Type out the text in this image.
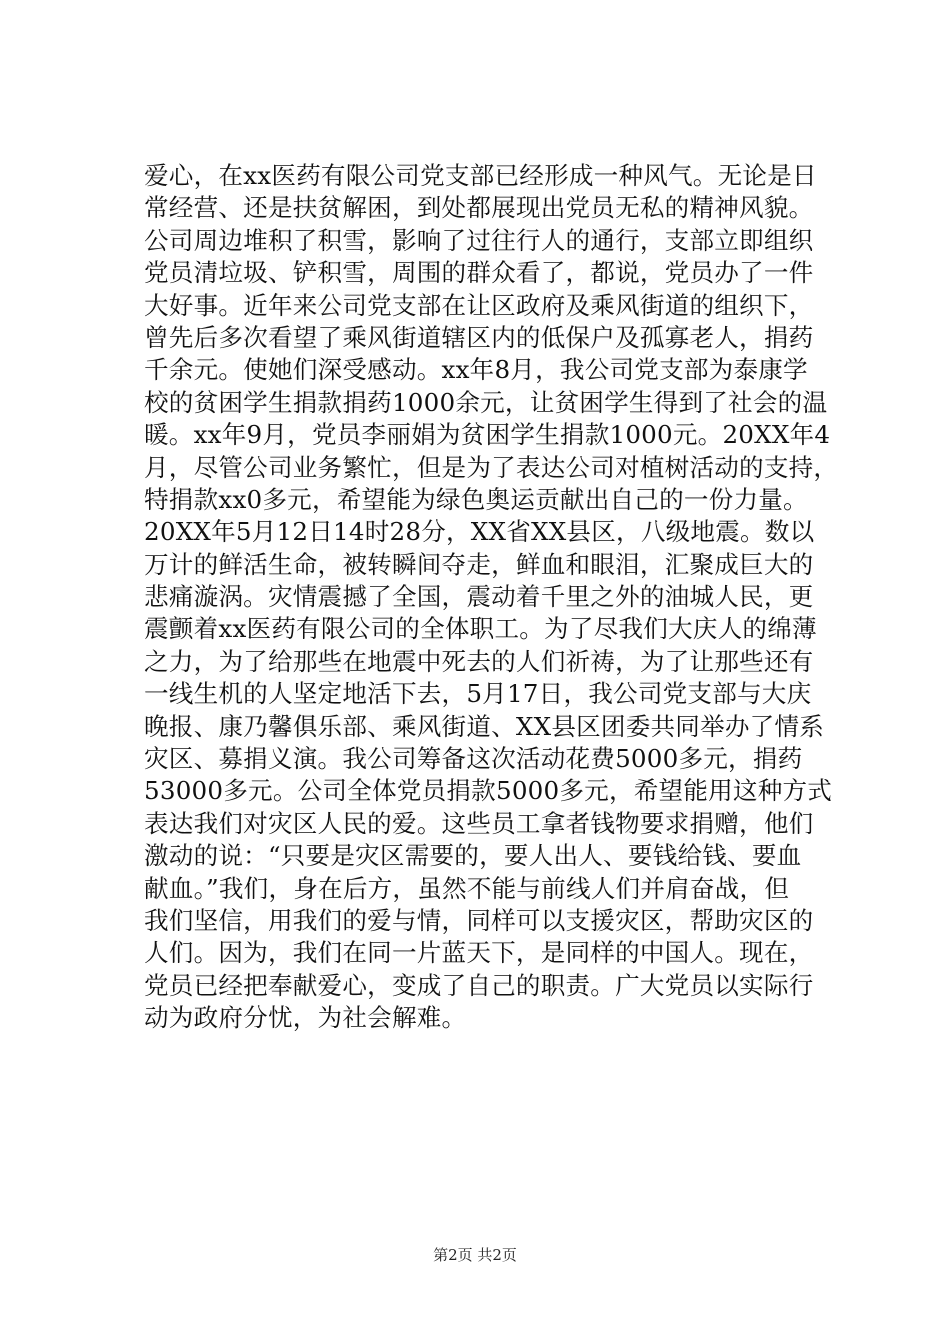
爱心，在xx医药有限公司党支部已经形成一种风气。无论是日
常经营、还是扶贫解困，到处都展现出党员无私的精神风貌。
公司周边堆积了积雪，影响了过往行人的通行，支部立即组织
党员清垃圾、铲积雪，周围的群众看了，都说，党员办了一件
大好事。近年来公司党支部在让区政府及乘风街道的组织下，
曾先后多次看望了乘风街道辖区内的低保户及孤寡老人，捐药
千余元。使她们深受感动。xx年8月，我公司党支部为泰康学
校的贫困学生捐款捐药1000余元，让贫困学生得到了社会的温
暖。xx年9月，党员李丽娟为贫困学生捐款1000元。20XX年4
月，尽管公司业务繁忙，但是为了表达公司对植树活动的支持，
特捐款xx0多元，希望能为绿色奥运贡献出自己的一份力量。
20XX年5月12日14时28分，XX省XX县区，八级地震。数以
万计的鲜活生命，被转瞬间夺走，鲜血和眼泪，汇聚成巨大的
悲痛漩涡。灾情震撼了全国，震动着千里之外的油城人民，更
震颤着xx医药有限公司的全体职工。为了尽我们大庆人的绵薄
之力，为了给那些在地震中死去的人们祈祷，为了让那些还有
一线生机的人坚定地活下去，5月17日，我公司党支部与大庆
晚报、康乃馨俱乐部、乘风街道、XX县区团委共同举办了情系
灾区、募捐义演。我公司筹备这次活动花费5000多元，捐药
53000多元。公司全体党员捐款5000多元，希望能用这种方式
表达我们对灾区人民的爱。这些员工拿者钱物要求捐赠，他们
激动的说：“只要是灾区需要的，要人出人、要钱给钱、要血
献血。”我们，身在后方，虽然不能与前线人们并肩奋战，但
我们坚信，用我们的爱与情，同样可以支援灾区，帮助灾区的
人们。因为，我们在同一片蓝天下，是同样的中国人。现在，
党员已经把奉献爱心，变成了自己的职责。广大党员以实际行
动为政府分忧，为社会解难。
第2页 共2页
